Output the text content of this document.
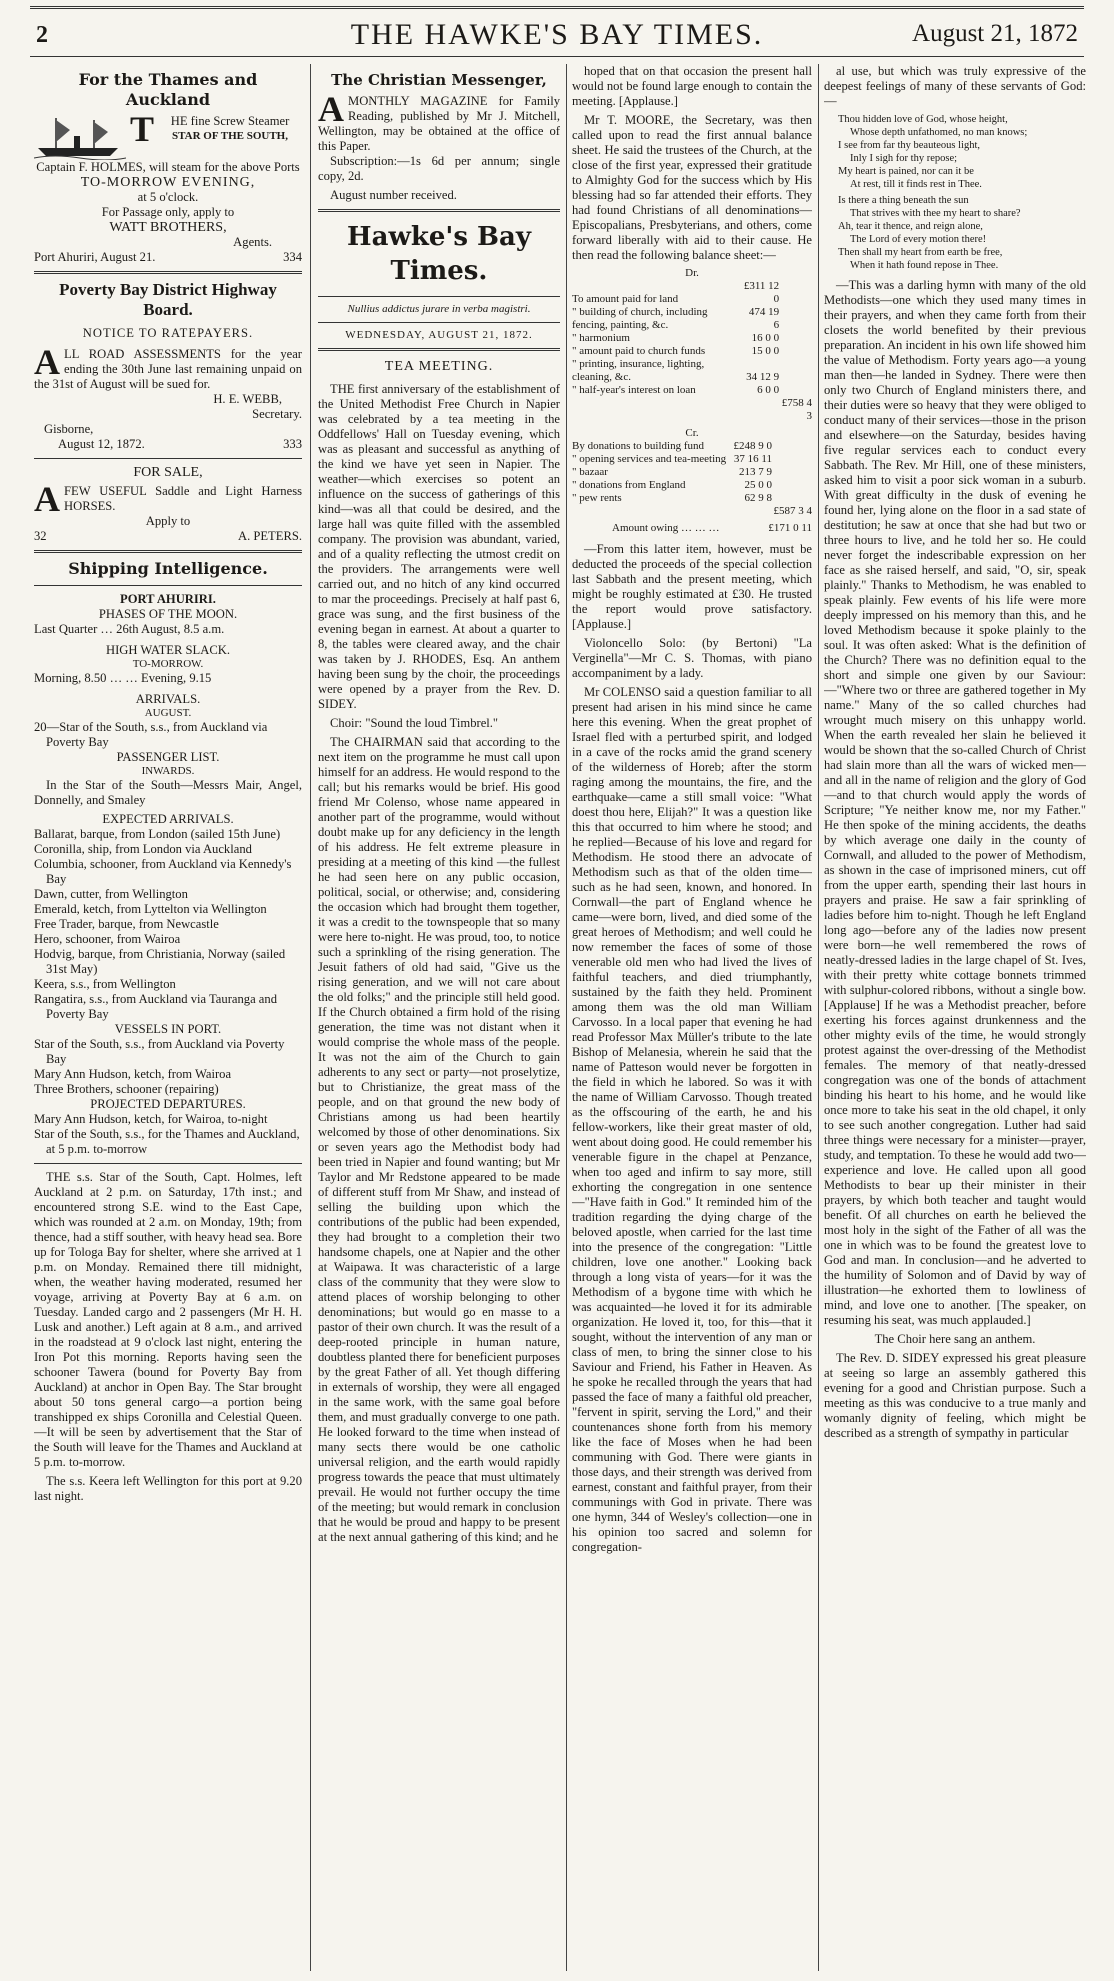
2	THE HAWKE'S BAY TIMES.	August 21, 1872
For the Thames and Auckland
T	HE fine Screw Steamer
STAR OF THE SOUTH,
Captain F. HOLMES, will steam for the above Ports
TO-MORROW EVENING,
at 5 o'clock.
For Passage only, apply to
WATT BROTHERS,
Agents.
Port Ahuriri, August 21.	334
Poverty Bay District Highway Board.
NOTICE TO RATEPAYERS.
ALL ROAD ASSESSMENTS for the year ending the 30th June last remaining unpaid on the 31st of August will be sued for.
H. E. WEBB,
Secretary.
Gisborne,
August 12, 1872.	333
FOR SALE,
AFEW USEFUL Saddle and Light Harness HORSES.
Apply to
32	A. PETERS.
Shipping Intelligence.
PORT AHURIRI.
PHASES OF THE MOON.
Last Quarter … 26th August, 8.5 a.m.
HIGH WATER SLACK.
TO-MORROW.
Morning, 8.50 … … Evening, 9.15
ARRIVALS.
AUGUST.
20—Star of the South, s.s., from Auckland via Poverty Bay
PASSENGER LIST.
INWARDS.

In the Star of the South—Messrs Mair, Angel, Donnelly, and Smaley

EXPECTED ARRIVALS.
Ballarat, barque, from London (sailed 15th June)
Coronilla, ship, from London via Auckland
Columbia, schooner, from Auckland via Kennedy's Bay
Dawn, cutter, from Wellington
Emerald, ketch, from Lyttelton via Wellington
Free Trader, barque, from Newcastle
Hero, schooner, from Wairoa
Hodvig, barque, from Christiania, Norway (sailed 31st May)
Keera, s.s., from Wellington
Rangatira, s.s., from Auckland via Tauranga and Poverty Bay
VESSELS IN PORT.
Star of the South, s.s., from Auckland via Poverty Bay
Mary Ann Hudson, ketch, from Wairoa
Three Brothers, schooner (repairing)
PROJECTED DEPARTURES.
Mary Ann Hudson, ketch, for Wairoa, to-night
Star of the South, s.s., for the Thames and Auckland, at 5 p.m. to-morrow

THE s.s. Star of the South, Capt. Holmes, left Auckland at 2 p.m. on Saturday, 17th inst.; and encountered strong S.E. wind to the East Cape, which was rounded at 2 a.m. on Monday, 19th; from thence, had a stiff souther, with heavy head sea. Bore up for Tologa Bay for shelter, where she arrived at 1 p.m. on Monday. Remained there till midnight, when, the weather having moderated, resumed her voyage, arriving at Poverty Bay at 6 a.m. on Tuesday. Landed cargo and 2 passengers (Mr H. H. Lusk and another.) Left again at 8 a.m., and arrived in the roadstead at 9 o'clock last night, entering the Iron Pot this morning. Reports having seen the schooner Tawera (bound for Poverty Bay from Auckland) at anchor in Open Bay. The Star brought about 50 tons general cargo—a portion being transhipped ex ships Coronilla and Celestial Queen.—It will be seen by advertisement that the Star of the South will leave for the Thames and Auckland at 5 p.m. to-morrow.

The s.s. Keera left Wellington for this port at 9.20 last night.

The Christian Messenger,
AMONTHLY MAGAZINE for Family Reading, published by Mr J. Mitchell, Wellington, may be obtained at the office of this Paper.

Subscription:—1s 6d per annum; single copy, 2d.

August number received.

Hawke's Bay Times.
Nullius addictus jurare in verba magistri.
WEDNESDAY, AUGUST 21, 1872.
TEA MEETING.

THE first anniversary of the establishment of the United Methodist Free Church in Napier was celebrated by a tea meeting in the Oddfellows' Hall on Tuesday evening, which was as pleasant and successful as anything of the kind we have yet seen in Napier. The weather—which exercises so potent an influence on the success of gatherings of this kind—was all that could be desired, and the large hall was quite filled with the assembled company. The provision was abundant, varied, and of a quality reflecting the utmost credit on the providers. The arrangements were well carried out, and no hitch of any kind occurred to mar the proceedings. Precisely at half past 6, grace was sung, and the first business of the evening began in earnest. At about a quarter to 8, the tables were cleared away, and the chair was taken by J. RHODES, Esq. An anthem having been sung by the choir, the proceedings were opened by a prayer from the Rev. D. SIDEY.

Choir: "Sound the loud Timbrel."

The CHAIRMAN said that according to the next item on the programme he must call upon himself for an address. He would respond to the call; but his remarks would be brief. His good friend Mr Colenso, whose name appeared in another part of the programme, would without doubt make up for any deficiency in the length of his address. He felt extreme pleasure in presiding at a meeting of this kind —the fullest he had seen here on any public occasion, political, social, or otherwise; and, considering the occasion which had brought them together, it was a credit to the townspeople that so many were here to-night. He was proud, too, to notice such a sprinkling of the rising generation. The Jesuit fathers of old had said, "Give us the rising generation, and we will not care about the old folks;" and the principle still held good. If the Church obtained a firm hold of the rising generation, the time was not distant when it would comprise the whole mass of the people. It was not the aim of the Church to gain adherents to any sect or party—not proselytize, but to Christianize, the great mass of the people, and on that ground the new body of Christians among us had been heartily welcomed by those of other denominations. Six or seven years ago the Methodist body had been tried in Napier and found wanting; but Mr Taylor and Mr Redstone appeared to be made of different stuff from Mr Shaw, and instead of selling the building upon which the contributions of the public had been expended, they had brought to a completion their two handsome chapels, one at Napier and the other at Waipawa. It was characteristic of a large class of the community that they were slow to attend places of worship belonging to other denominations; but would go en masse to a pastor of their own church. It was the result of a deep-rooted principle in human nature, doubtless planted there for beneficient purposes by the great Father of all. Yet though differing in externals of worship, they were all engaged in the same work, with the same goal before them, and must gradually converge to one path. He looked forward to the time when instead of many sects there would be one catholic universal religion, and the earth would rapidly progress towards the peace that must ultimately prevail. He would not further occupy the time of the meeting; but would remark in conclusion that he would be proud and happy to be present at the next annual gathering of this kind; and he

hoped that on that occasion the present hall would not be found large enough to contain the meeting. [Applause.]

Mr T. MOORE, the Secretary, was then called upon to read the first annual balance sheet. He said the trustees of the Church, at the close of the first year, expressed their gratitude to Almighty God for the success which by His blessing had so far attended their efforts. They had found Christians of all denominations—Episcopalians, Presbyterians, and others, come forward liberally with aid to their cause. He then read the following balance sheet:—

Dr.
To amount paid for land	£311 12 0	
" building of church, including fencing, painting, &c.	474 19 6	
" harmonium	16 0 0	
" amount paid to church funds	15 0 0	
" printing, insurance, lighting, cleaning, &c.	34 12 9	
" half-year's interest on loan	6 0 0	
		£758 4 3
Cr.
By donations to building fund	£248 9 0	
" opening services and tea-meeting	37 16 11	
" bazaar	213 7 9	
" donations from England	25 0 0	
" pew rents	62 9 8	
		£587 3 4
Amount owing … … …	£171 0 11

—From this latter item, however, must be deducted the proceeds of the special collection last Sabbath and the present meeting, which might be roughly estimated at £30. He trusted the report would prove satisfactory. [Applause.]

Violoncello Solo: (by Bertoni) "La Verginella"—Mr C. S. Thomas, with piano accompaniment by a lady.

Mr COLENSO said a question familiar to all present had arisen in his mind since he came here this evening. When the great prophet of Israel fled with a perturbed spirit, and lodged in a cave of the rocks amid the grand scenery of the wilderness of Horeb; after the storm raging among the mountains, the fire, and the earthquake—came a still small voice: "What doest thou here, Elijah?" It was a question like this that occurred to him where he stood; and he replied—Because of his love and regard for Methodism. He stood there an advocate of Methodism such as that of the olden time—such as he had seen, known, and honored. In Cornwall—the part of England whence he came—were born, lived, and died some of the great heroes of Methodism; and well could he now remember the faces of some of those venerable old men who had lived the lives of faithful teachers, and died triumphantly, sustained by the faith they held. Prominent among them was the old man William Carvosso. In a local paper that evening he had read Professor Max Müller's tribute to the late Bishop of Melanesia, wherein he said that the name of Patteson would never be forgotten in the field in which he labored. So was it with the name of William Carvosso. Though treated as the offscouring of the earth, he and his fellow-workers, like their great master of old, went about doing good. He could remember his venerable figure in the chapel at Penzance, when too aged and infirm to say more, still exhorting the congregation in one sentence—"Have faith in God." It reminded him of the tradition regarding the dying charge of the beloved apostle, when carried for the last time into the presence of the congregation: "Little children, love one another." Looking back through a long vista of years—for it was the Methodism of a bygone time with which he was acquainted—he loved it for its admirable organization. He loved it, too, for this—that it sought, without the intervention of any man or class of men, to bring the sinner close to his Saviour and Friend, his Father in Heaven. As he spoke he recalled through the years that had passed the face of many a faithful old preacher, "fervent in spirit, serving the Lord," and their countenances shone forth from his memory like the face of Moses when he had been communing with God. There were giants in those days, and their strength was derived from earnest, constant and faithful prayer, from their communings with God in private. There was one hymn, 344 of Wesley's collection—one in his opinion too sacred and solemn for congregation-

al use, but which was truly expressive of the deepest feelings of many of these servants of God:—

Thou hidden love of God, whose height,
Whose depth unfathomed, no man knows;
I see from far thy beauteous light,
Inly I sigh for thy repose;
My heart is pained, nor can it be
At rest, till it finds rest in Thee.
Is there a thing beneath the sun
That strives with thee my heart to share?
Ah, tear it thence, and reign alone,
The Lord of every motion there!
Then shall my heart from earth be free,
When it hath found repose in Thee.

—This was a darling hymn with many of the old Methodists—one which they used many times in their prayers, and when they came forth from their closets the world benefited by their previous preparation. An incident in his own life showed him the value of Methodism. Forty years ago—a young man then—he landed in Sydney. There were then only two Church of England ministers there, and their duties were so heavy that they were obliged to conduct many of their services—those in the prison and elsewhere—on the Saturday, besides having five regular services each to conduct every Sabbath. The Rev. Mr Hill, one of these ministers, asked him to visit a poor sick woman in a suburb. With great difficulty in the dusk of evening he found her, lying alone on the floor in a sad state of destitution; he saw at once that she had but two or three hours to live, and he told her so. He could never forget the indescribable expression on her face as she raised herself, and said, "O, sir, speak plainly." Thanks to Methodism, he was enabled to speak plainly. Few events of his life were more deeply impressed on his memory than this, and he loved Methodism because it spoke plainly to the soul. It was often asked: What is the definition of the Church? There was no definition equal to the short and simple one given by our Saviour:—"Where two or three are gathered together in My name." Many of the so called churches had wrought much misery on this unhappy world. When the earth revealed her slain he believed it would be shown that the so-called Church of Christ had slain more than all the wars of wicked men—and all in the name of religion and the glory of God—and to that church would apply the words of Scripture; "Ye neither know me, nor my Father." He then spoke of the mining accidents, the deaths by which average one daily in the county of Cornwall, and alluded to the power of Methodism, as shown in the case of imprisoned miners, cut off from the upper earth, spending their last hours in prayers and praise. He saw a fair sprinkling of ladies before him to-night. Though he left England long ago—before any of the ladies now present were born—he well remembered the rows of neatly-dressed ladies in the large chapel of St. Ives, with their pretty white cottage bonnets trimmed with sulphur-colored ribbons, without a single bow. [Applause] If he was a Methodist preacher, before exerting his forces against drunkenness and the other mighty evils of the time, he would strongly protest against the over-dressing of the Methodist females. The memory of that neatly-dressed congregation was one of the bonds of attachment binding his heart to his home, and he would like once more to take his seat in the old chapel, it only to see such another congregation. Luther had said three things were necessary for a minister—prayer, study, and temptation. To these he would add two—experience and love. He called upon all good Methodists to bear up their minister in their prayers, by which both teacher and taught would benefit. Of all churches on earth he believed the most holy in the sight of the Father of all was the one in which was to be found the greatest love to God and man. In conclusion—and he adverted to the humility of Solomon and of David by way of illustration—he exhorted them to lowliness of mind, and love one to another. [The speaker, on resuming his seat, was much applauded.]

The Choir here sang an anthem.

The Rev. D. SIDEY expressed his great pleasure at seeing so large an assembly gathered this evening for a good and Christian purpose. Such a meeting as this was conducive to a true manly and womanly dignity of feeling, which might be described as a strength of sympathy in particular
